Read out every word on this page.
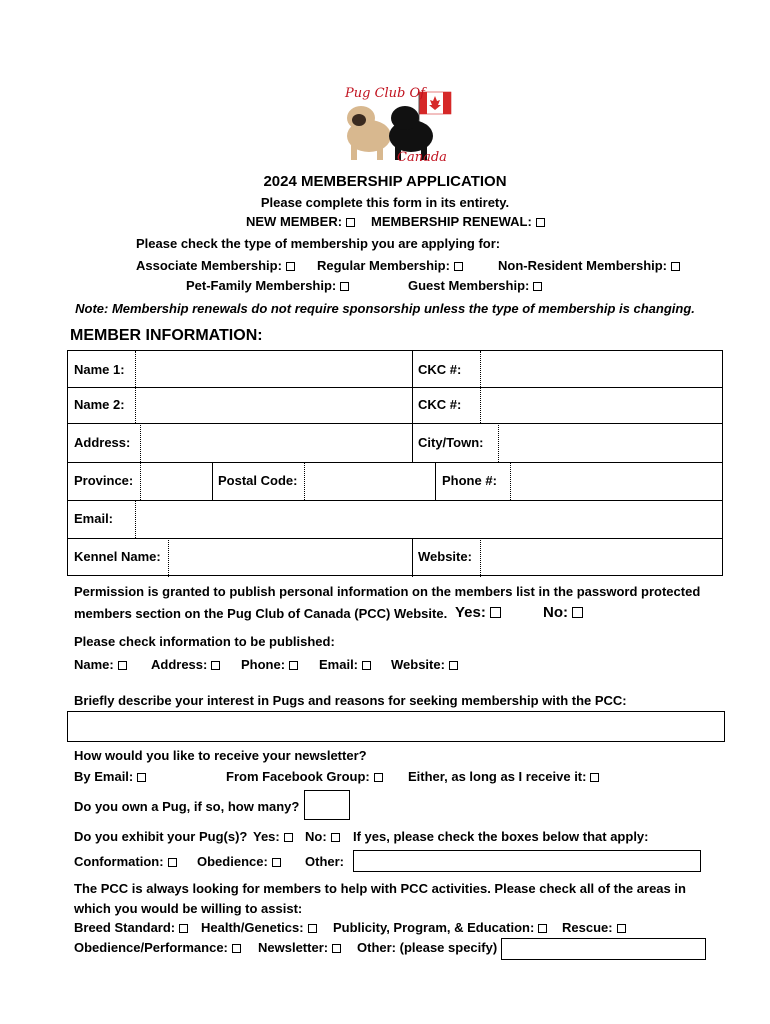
Pug Club Of
Canada
2024 MEMBERSHIP APPLICATION
Please complete this form in its entirety.
NEW MEMBER:	MEMBERSHIP RENEWAL:
Please check the type of membership you are applying for:
Associate Membership:	Regular Membership:	Non-Resident Membership:
Pet-Family Membership:	Guest Membership:
Note: Membership renewals do not require sponsorship unless the type of membership is changing.
MEMBER INFORMATION:
Name 1:	CKC #:
Name 2:	CKC #:
Address:	City/Town:
Province:	Postal Code:	Phone #:
Email:
Kennel Name:	Website:
Permission is granted to publish personal information on the members list in the password protected
members section on the Pug Club of Canada (PCC) Website. Yes:	No:
Please check information to be published:
Name:	Address:	Phone:	Email:	Website:
Briefly describe your interest in Pugs and reasons for seeking membership with the PCC:
How would you like to receive your newsletter?
By Email:	From Facebook Group:	Either, as long as I receive it:
Do you own a Pug, if so, how many?
Do you exhibit your Pug(s)? Yes:	No:	If yes, please check the boxes below that apply:
Conformation:	Obedience:	Other:
The PCC is always looking for members to help with PCC activities. Please check all of the areas in
which you would be willing to assist:
Breed Standard:	Health/Genetics:	Publicity, Program, & Education:	Rescue:
Obedience/Performance:	Newsletter:	Other: (please specify)
